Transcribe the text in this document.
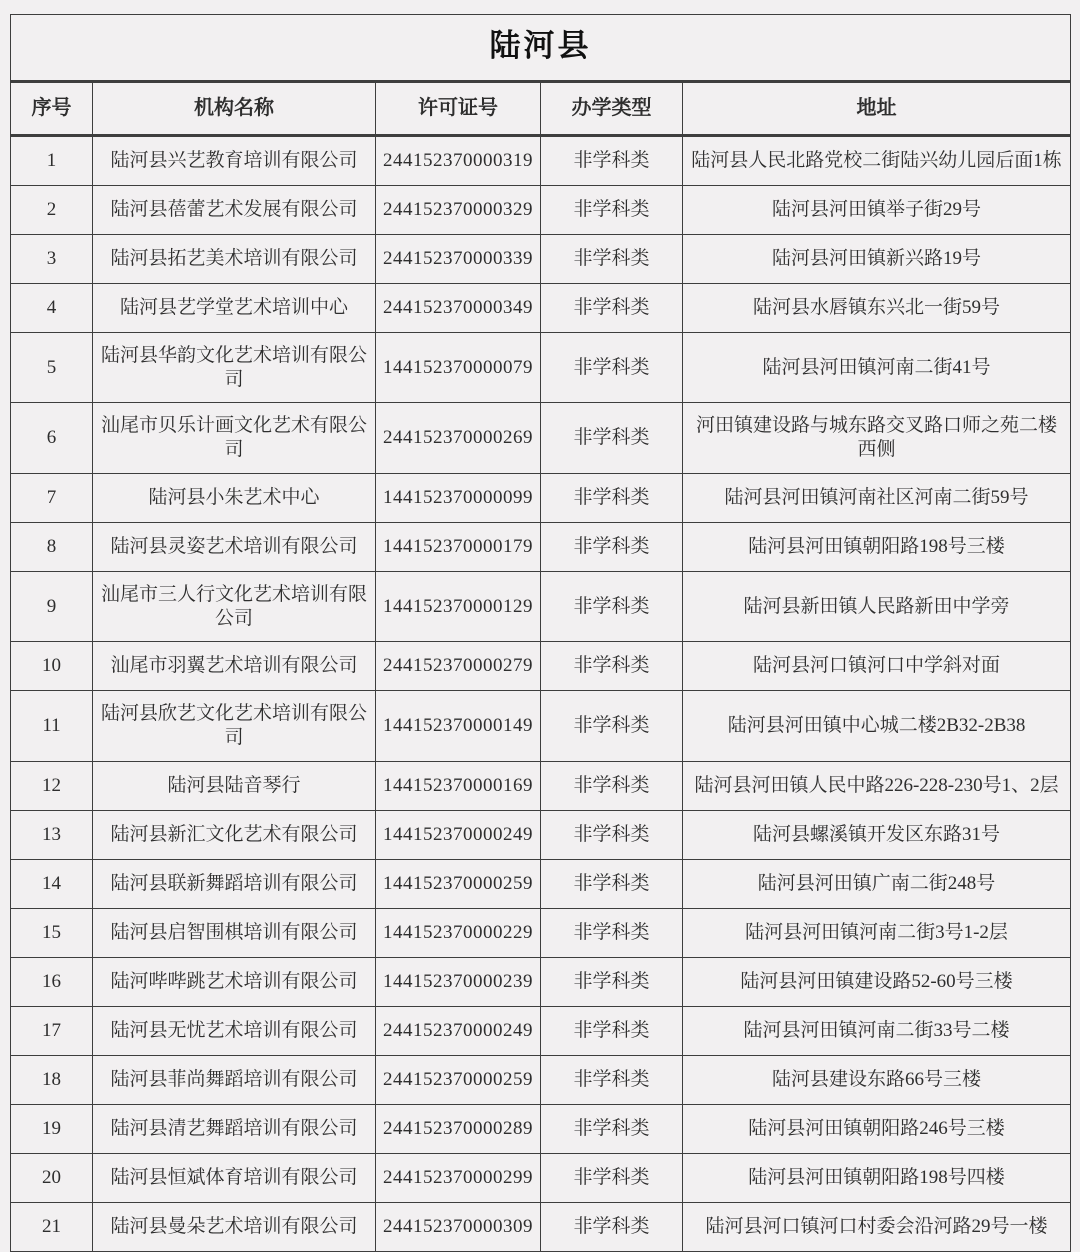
陆河县				
序号	机构名称	许可证号	办学类型	地址
1	陆河县兴艺教育培训有限公司	244152370000319	非学科类	陆河县人民北路党校二街陆兴幼儿园后面1栋
2	陆河县蓓蕾艺术发展有限公司	244152370000329	非学科类	陆河县河田镇举子街29号
3	陆河县拓艺美术培训有限公司	244152370000339	非学科类	陆河县河田镇新兴路19号
4	陆河县艺学堂艺术培训中心	244152370000349	非学科类	陆河县水唇镇东兴北一街59号
5	陆河县华韵文化艺术培训有限公司	144152370000079	非学科类	陆河县河田镇河南二街41号
6	汕尾市贝乐计画文化艺术有限公司	244152370000269	非学科类	河田镇建设路与城东路交叉路口师之苑二楼西侧
7	陆河县小朱艺术中心	144152370000099	非学科类	陆河县河田镇河南社区河南二街59号
8	陆河县灵姿艺术培训有限公司	144152370000179	非学科类	陆河县河田镇朝阳路198号三楼
9	汕尾市三人行文化艺术培训有限公司	144152370000129	非学科类	陆河县新田镇人民路新田中学旁
10	汕尾市羽翼艺术培训有限公司	244152370000279	非学科类	陆河县河口镇河口中学斜对面
11	陆河县欣艺文化艺术培训有限公司	144152370000149	非学科类	陆河县河田镇中心城二楼2B32-2B38
12	陆河县陆音琴行	144152370000169	非学科类	陆河县河田镇人民中路226-228-230号1、2层
13	陆河县新汇文化艺术有限公司	144152370000249	非学科类	陆河县螺溪镇开发区东路31号
14	陆河县联新舞蹈培训有限公司	144152370000259	非学科类	陆河县河田镇广南二街248号
15	陆河县启智围棋培训有限公司	144152370000229	非学科类	陆河县河田镇河南二街3号1-2层
16	陆河哔哔跳艺术培训有限公司	144152370000239	非学科类	陆河县河田镇建设路52-60号三楼
17	陆河县无忧艺术培训有限公司	244152370000249	非学科类	陆河县河田镇河南二街33号二楼
18	陆河县菲尚舞蹈培训有限公司	244152370000259	非学科类	陆河县建设东路66号三楼
19	陆河县清艺舞蹈培训有限公司	244152370000289	非学科类	陆河县河田镇朝阳路246号三楼
20	陆河县恒斌体育培训有限公司	244152370000299	非学科类	陆河县河田镇朝阳路198号四楼
21	陆河县曼朵艺术培训有限公司	244152370000309	非学科类	陆河县河口镇河口村委会沿河路29号一楼
